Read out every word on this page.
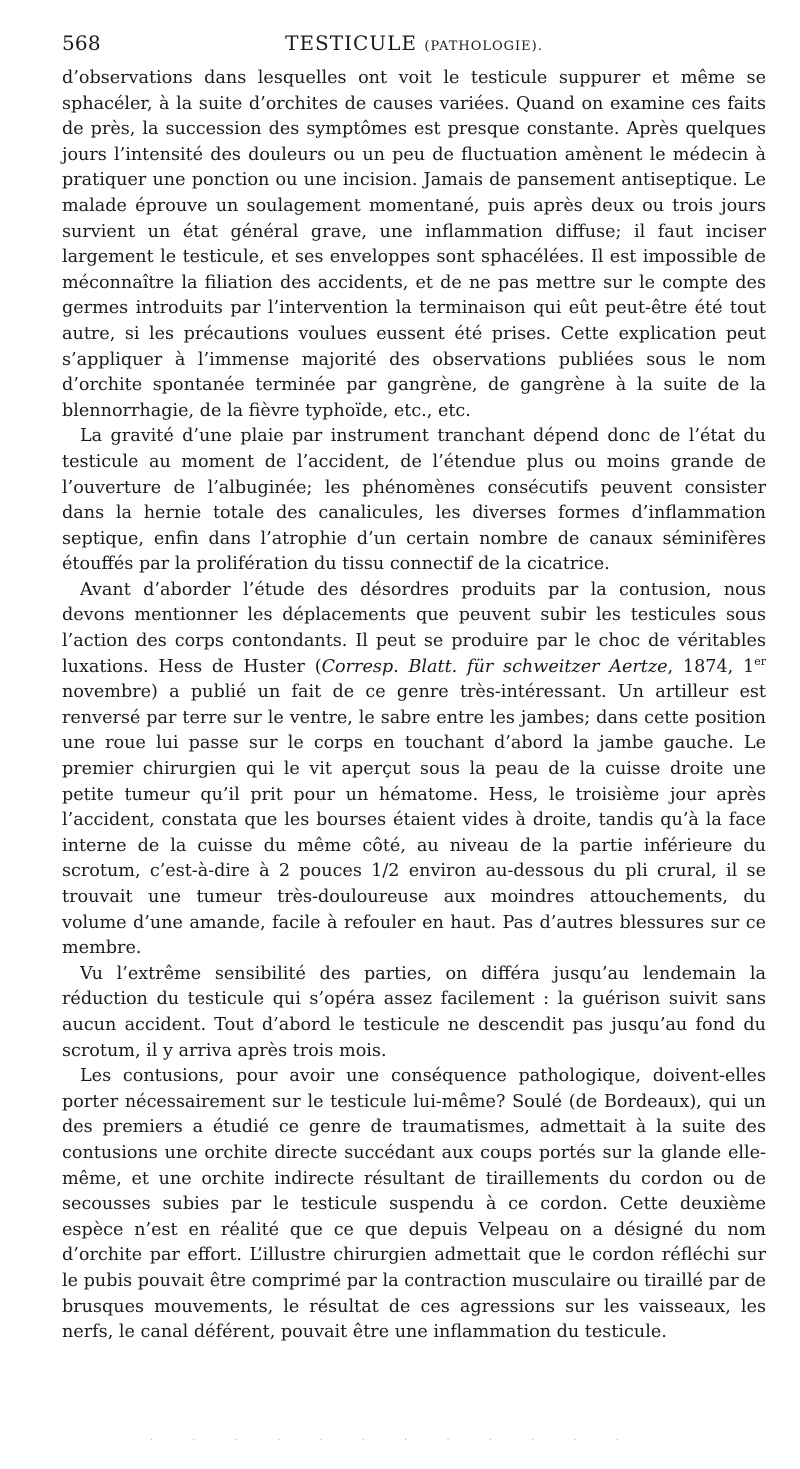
568	TESTICULE (PATHOLOGIE).

d’observations dans lesquelles ont voit le testicule suppurer et même se sphacéler, à la suite d’orchites de causes variées. Quand on examine ces faits de près, la succession des symptômes est presque constante. Après quelques jours l’intensité des douleurs ou un peu de fluctuation amènent le médecin à pratiquer une ponction ou une incision. Jamais de pansement antiseptique. Le malade éprouve un soulagement momentané, puis après deux ou trois jours survient un état général grave, une inflammation diffuse; il faut inciser largement le testicule, et ses enveloppes sont sphacélées. Il est impossible de méconnaître la filiation des accidents, et de ne pas mettre sur le compte des germes introduits par l’intervention la terminaison qui eût peut-être été tout autre, si les précautions voulues eussent été prises. Cette explication peut s’appliquer à l’immense majorité des observations publiées sous le nom d’orchite spontanée terminée par gangrène, de gangrène à la suite de la blennorrhagie, de la fièvre typhoïde, etc., etc.

La gravité d’une plaie par instrument tranchant dépend donc de l’état du testicule au moment de l’accident, de l’étendue plus ou moins grande de l’ouverture de l’albuginée; les phénomènes consécutifs peuvent consister dans la hernie totale des canalicules, les diverses formes d’inflammation septique, enfin dans l’atrophie d’un certain nombre de canaux séminifères étouffés par la prolifération du tissu connectif de la cicatrice.

Avant d’aborder l’étude des désordres produits par la contusion, nous devons mentionner les déplacements que peuvent subir les testicules sous l’action des corps contondants. Il peut se produire par le choc de véritables luxations. Hess de Huster (Corresp. Blatt. für schweitzer Aertze, 1874, 1er novembre) a publié un fait de ce genre très-intéressant. Un artilleur est renversé par terre sur le ventre, le sabre entre les jambes; dans cette position une roue lui passe sur le corps en touchant d’abord la jambe gauche. Le premier chirurgien qui le vit aperçut sous la peau de la cuisse droite une petite tumeur qu’il prit pour un hématome. Hess, le troisième jour après l’accident, constata que les bourses étaient vides à droite, tandis qu’à la face interne de la cuisse du même côté, au niveau de la partie inférieure du scrotum, c’est-à-dire à 2 pouces 1/2 environ au-dessous du pli crural, il se trouvait une tumeur très-douloureuse aux moindres attouchements, du volume d’une amande, facile à refouler en haut. Pas d’autres blessures sur ce membre.

Vu l’extrême sensibilité des parties, on différa jusqu’au lendemain la réduction du testicule qui s’opéra assez facilement : la guérison suivit sans aucun accident. Tout d’abord le testicule ne descendit pas jusqu’au fond du scrotum, il y arriva après trois mois.

Les contusions, pour avoir une conséquence pathologique, doivent-elles porter nécessairement sur le testicule lui-même? Soulé (de Bordeaux), qui un des premiers a étudié ce genre de traumatismes, admettait à la suite des contusions une orchite directe succédant aux coups portés sur la glande elle-même, et une orchite indirecte résultant de tiraillements du cordon ou de secousses subies par le testicule suspendu à ce cordon. Cette deuxième espèce n’est en réalité que ce que depuis Velpeau on a désigné du nom d’orchite par effort. L’illustre chirurgien admettait que le cordon réfléchi sur le pubis pouvait être comprimé par la contraction musculaire ou tiraillé par de brusques mouvements, le résultat de ces agressions sur les vaisseaux, les nerfs, le canal déférent, pouvait être une inflammation du testicule.

· · · · · · · · · · · ·
